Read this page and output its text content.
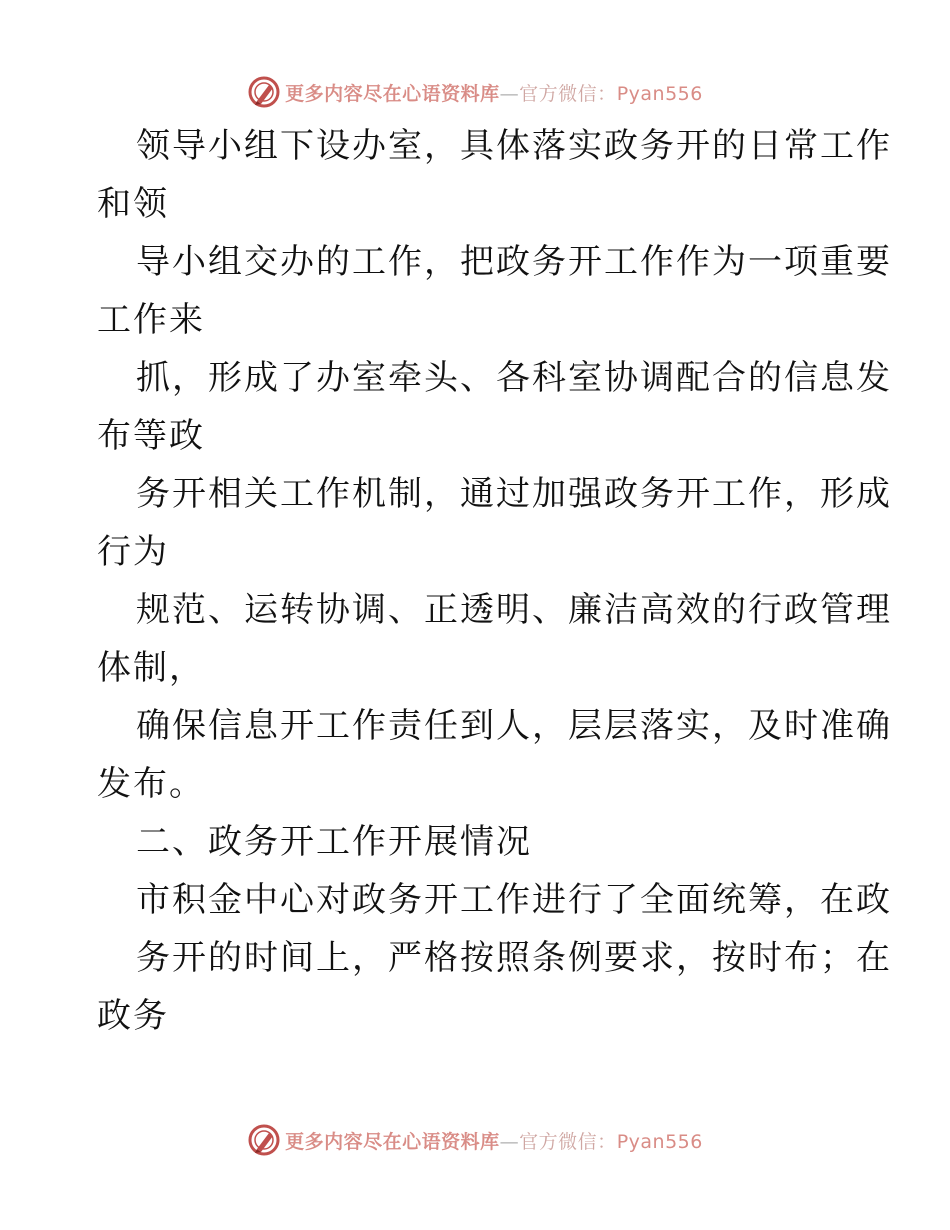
更多内容尽在心语资料库—官方微信：Pyan556
领导小组下设办室，具体落实政务开的日常工作
和领
导小组交办的工作，把政务开工作作为一项重要
工作来
抓，形成了办室牵头、各科室协调配合的信息发
布等政
务开相关工作机制，通过加强政务开工作，形成
行为
规范、运转协调、正透明、廉洁高效的行政管理
体制，
确保信息开工作责任到人，层层落实，及时准确
发布。
二、政务开工作开展情况
市积金中心对政务开工作进行了全面统筹，在政
务开的时间上，严格按照条例要求，按时布；在
政务
更多内容尽在心语资料库—官方微信：Pyan556
